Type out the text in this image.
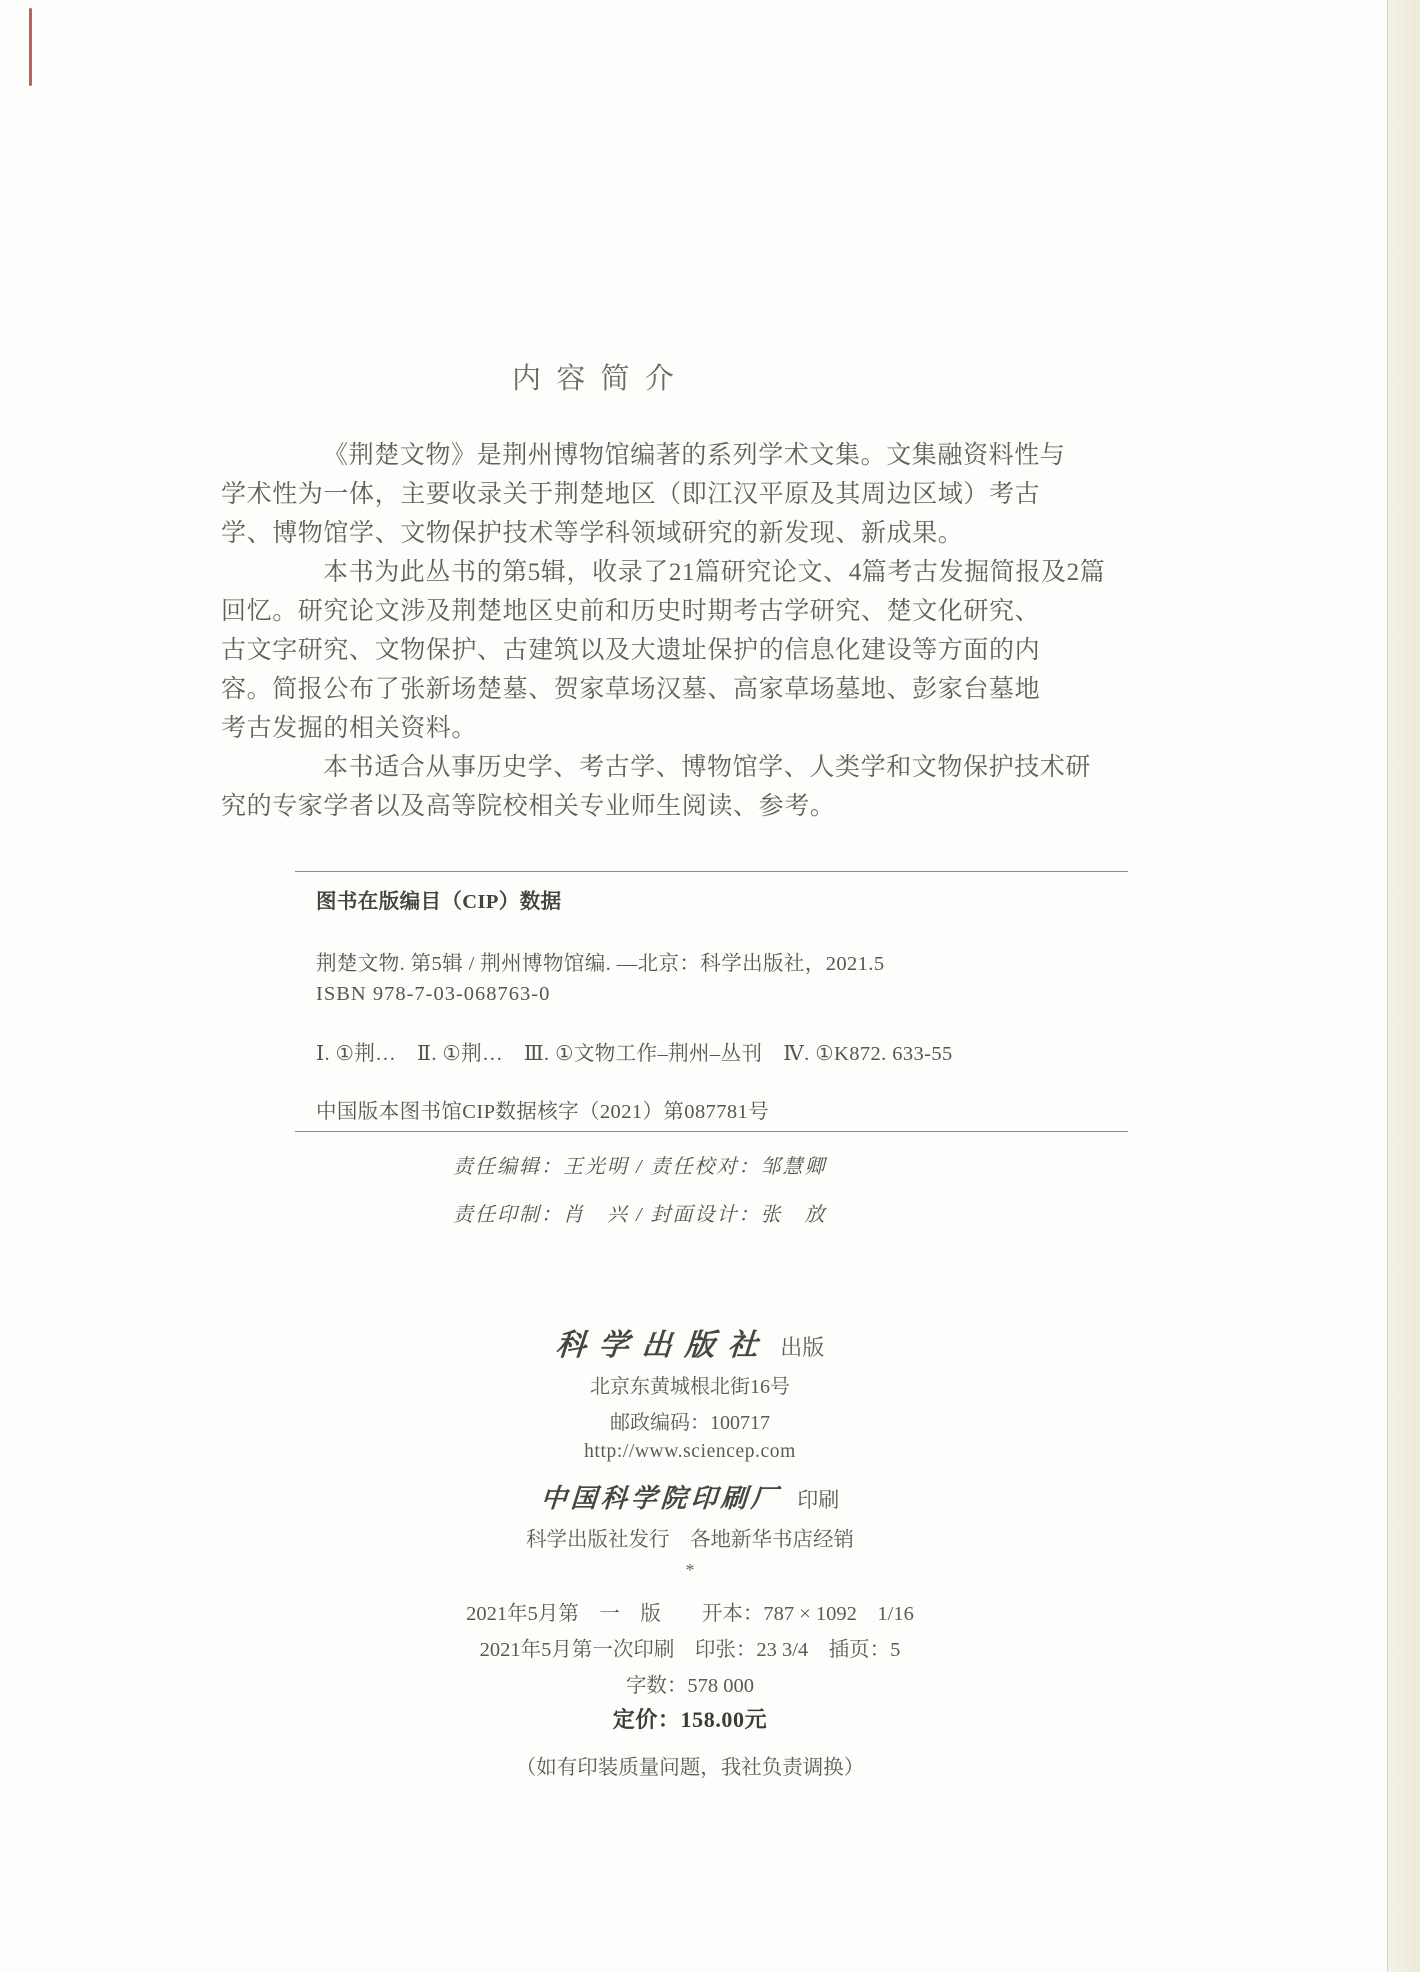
内 容 简 介
《荆楚文物》是荆州博物馆编著的系列学术文集。文集融资料性与
学术性为一体，主要收录关于荆楚地区（即江汉平原及其周边区域）考古
学、博物馆学、文物保护技术等学科领域研究的新发现、新成果。
本书为此丛书的第5辑，收录了21篇研究论文、4篇考古发掘简报及2篇
回忆。研究论文涉及荆楚地区史前和历史时期考古学研究、楚文化研究、
古文字研究、文物保护、古建筑以及大遗址保护的信息化建设等方面的内
容。简报公布了张新场楚墓、贺家草场汉墓、高家草场墓地、彭家台墓地
考古发掘的相关资料。
本书适合从事历史学、考古学、博物馆学、人类学和文物保护技术研
究的专家学者以及高等院校相关专业师生阅读、参考。
图书在版编目（CIP）数据
荆楚文物. 第5辑 / 荆州博物馆编. —北京：科学出版社，2021.5
ISBN 978-7-03-068763-0
Ⅰ. ①荆…　Ⅱ. ①荆…　Ⅲ. ①文物工作–荆州–丛刊　Ⅳ. ①K872. 633-55
中国版本图书馆CIP数据核字（2021）第087781号
责任编辑：王光明 / 责任校对：邹慧卿
责任印制：肖　兴 / 封面设计：张　放
科学出版社 出版
北京东黄城根北街16号
邮政编码：100717
http://www.sciencep.com
中国科学院印刷厂 印刷
科学出版社发行　各地新华书店经销
*
2021年5月第　一　版　　开本：787 × 1092　1/16
2021年5月第一次印刷　印张：23 3/4　插页：5
字数：578 000
定价：158.00元
（如有印装质量问题，我社负责调换）
